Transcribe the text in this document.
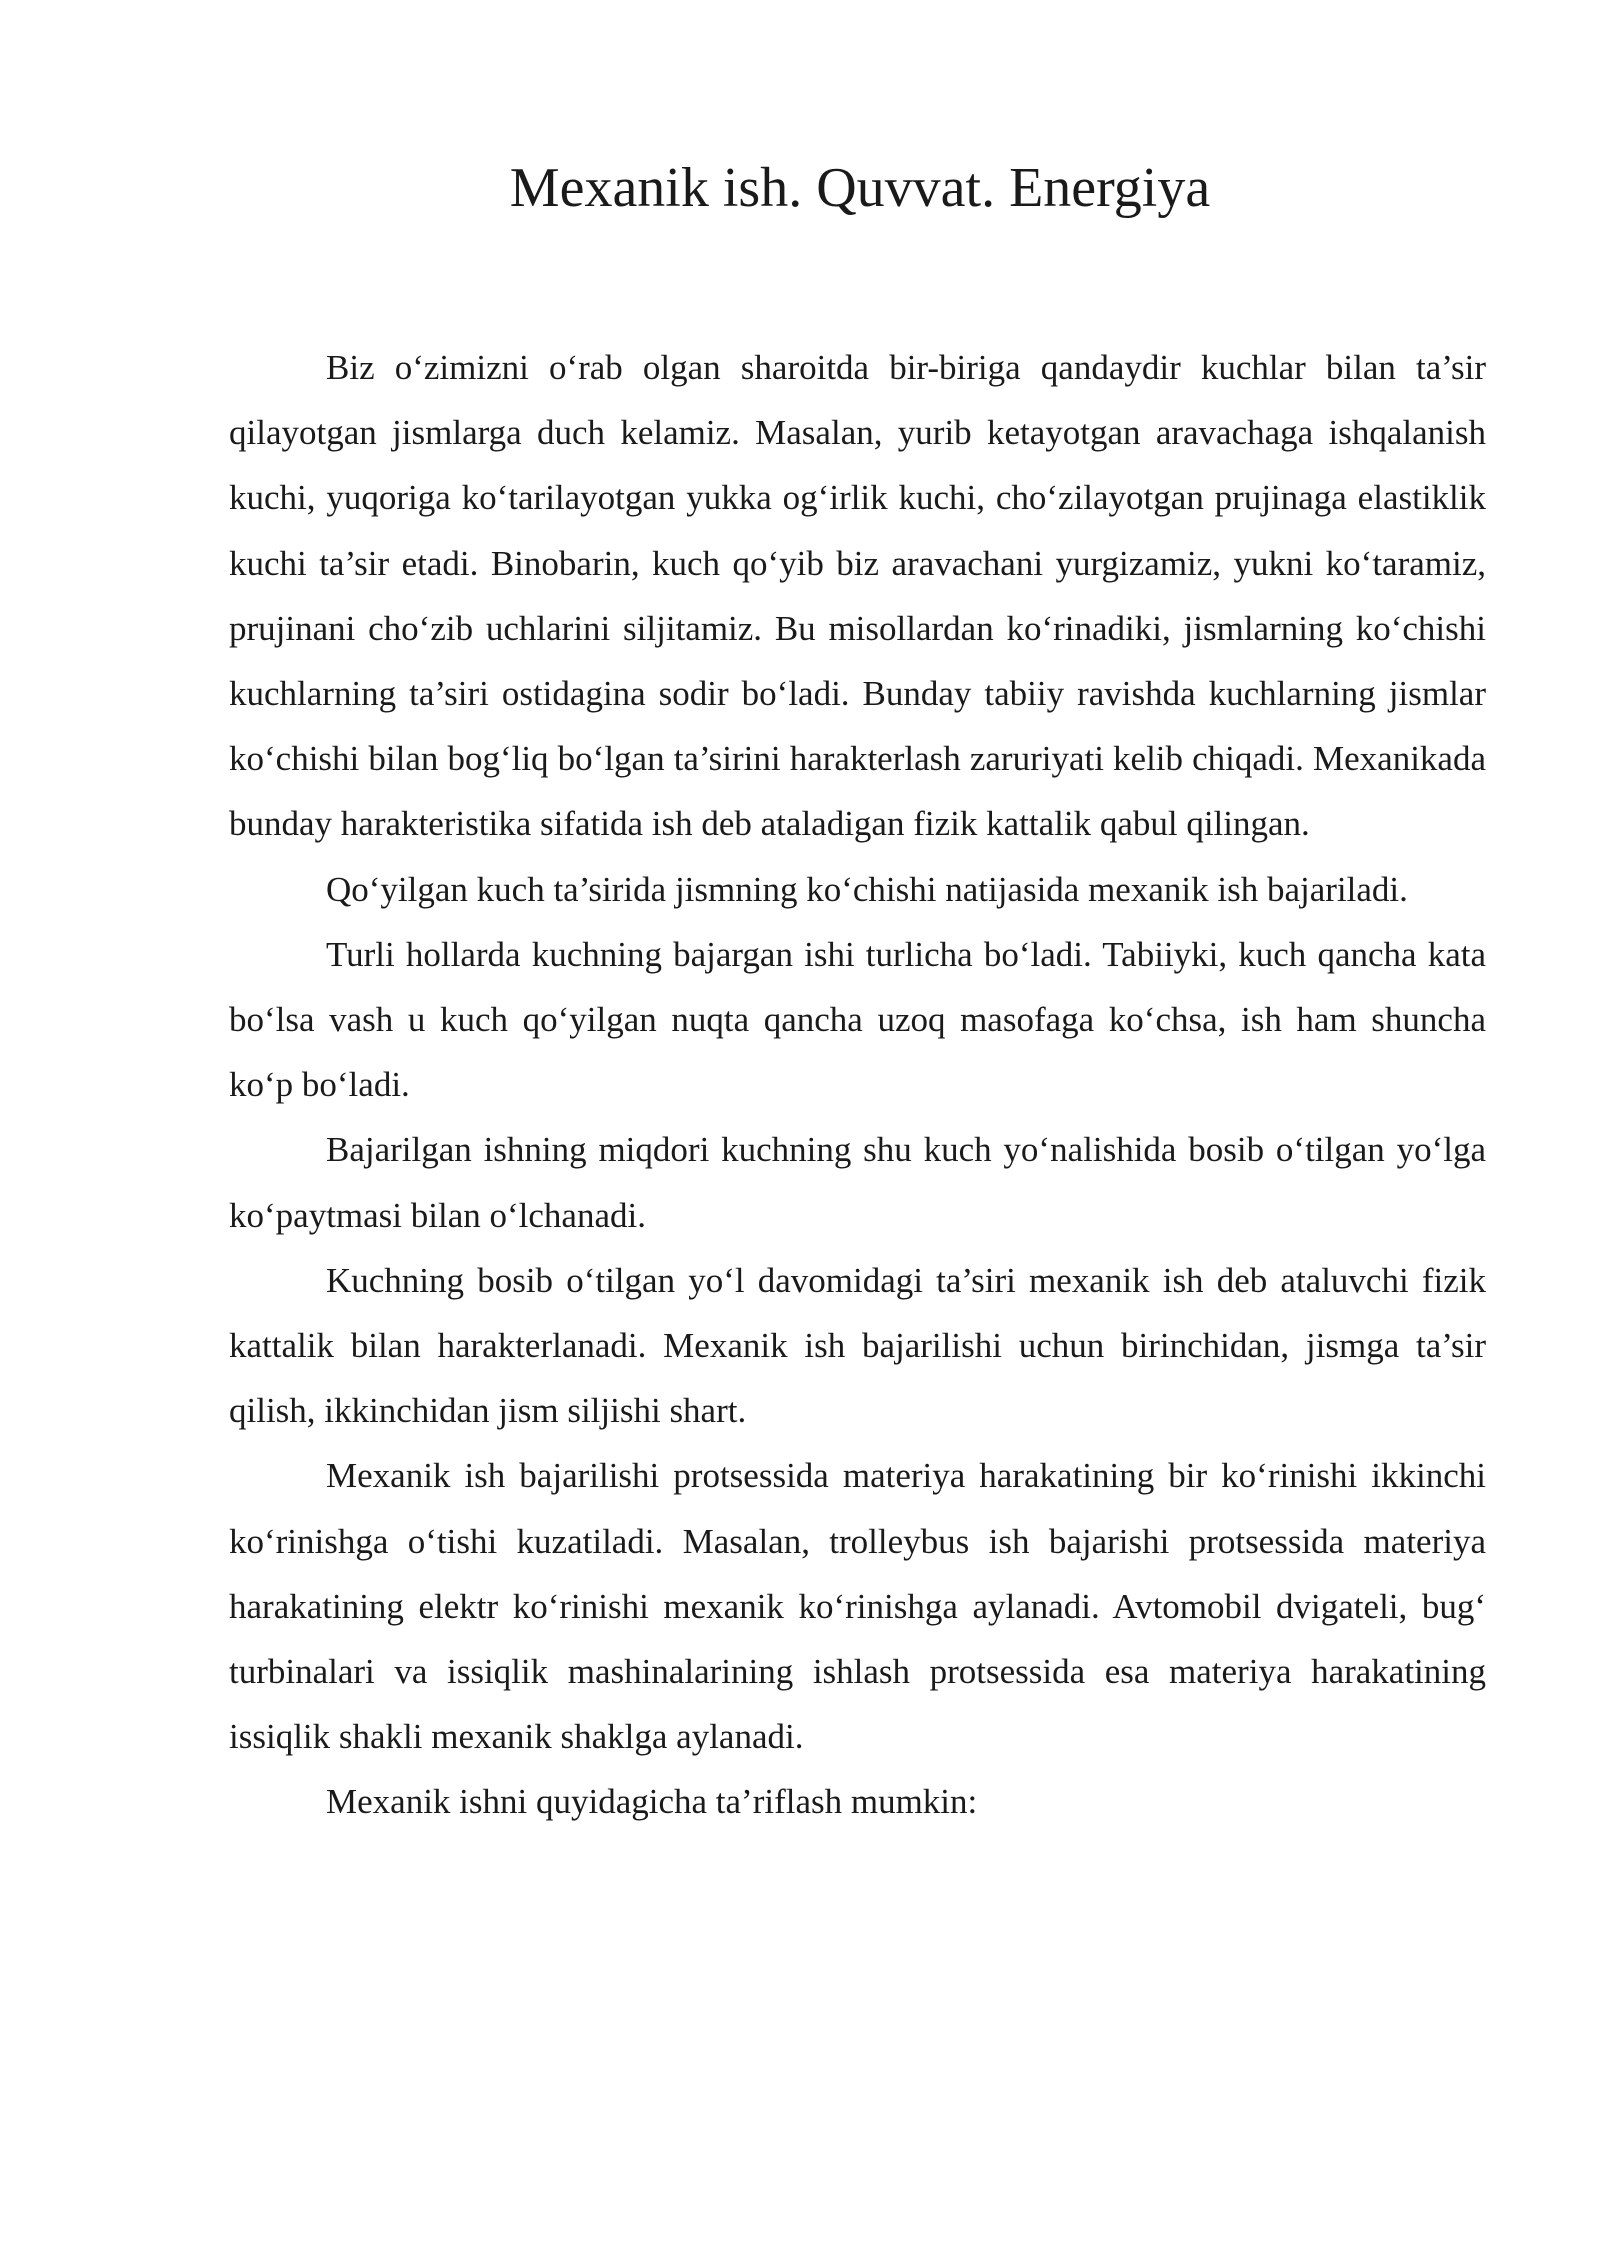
Mexanik ish. Quvvat. Energiya

Biz o‘zimizni o‘rab olgan sharoitda bir-biriga qandaydir kuchlar bilan ta’sir qilayotgan jismlarga duch kelamiz. Masalan, yurib ketayotgan aravachaga ishqalanish kuchi, yuqoriga ko‘tarilayotgan yukka og‘irlik kuchi, cho‘zilayotgan prujinaga elastiklik kuchi ta’sir etadi. Binobarin, kuch qo‘yib biz aravachani yurgizamiz, yukni ko‘taramiz, prujinani cho‘zib uchlarini siljitamiz. Bu misollardan ko‘rinadiki, jismlarning ko‘chishi kuchlarning ta’siri ostidagina sodir bo‘ladi. Bunday tabiiy ravishda kuchlarning jismlar ko‘chishi bilan bog‘liq bo‘lgan ta’sirini harakterlash zaruriyati kelib chiqadi. Mexanikada bunday harakteristika sifatida ish deb ataladigan fizik kattalik qabul qilingan.

Qo‘yilgan kuch ta’sirida jismning ko‘chishi natijasida mexanik ish bajariladi.

Turli hollarda kuchning bajargan ishi turlicha bo‘ladi. Tabiiyki, kuch qancha kata bo‘lsa vash u kuch qo‘yilgan nuqta qancha uzoq masofaga ko‘chsa, ish ham shuncha ko‘p bo‘ladi.

Bajarilgan ishning miqdori kuchning shu kuch yo‘nalishida bosib o‘tilgan yo‘lga ko‘paytmasi bilan o‘lchanadi.

Kuchning bosib o‘tilgan yo‘l davomidagi ta’siri mexanik ish deb ataluvchi fizik kattalik bilan harakterlanadi. Mexanik ish bajarilishi uchun birinchidan, jismga ta’sir qilish, ikkinchidan jism siljishi shart.

Mexanik ish bajarilishi protsessida materiya harakatining bir ko‘rinishi ikkinchi ko‘rinishga o‘tishi kuzatiladi. Masalan, trolleybus ish bajarishi protsessida materiya harakatining elektr ko‘rinishi mexanik ko‘rinishga aylanadi. Avtomobil dvigateli, bug‘ turbinalari va issiqlik mashinalarining ishlash protsessida esa materiya harakatining issiqlik shakli mexanik shaklga aylanadi.

Mexanik ishni quyidagicha ta’riflash mumkin:
